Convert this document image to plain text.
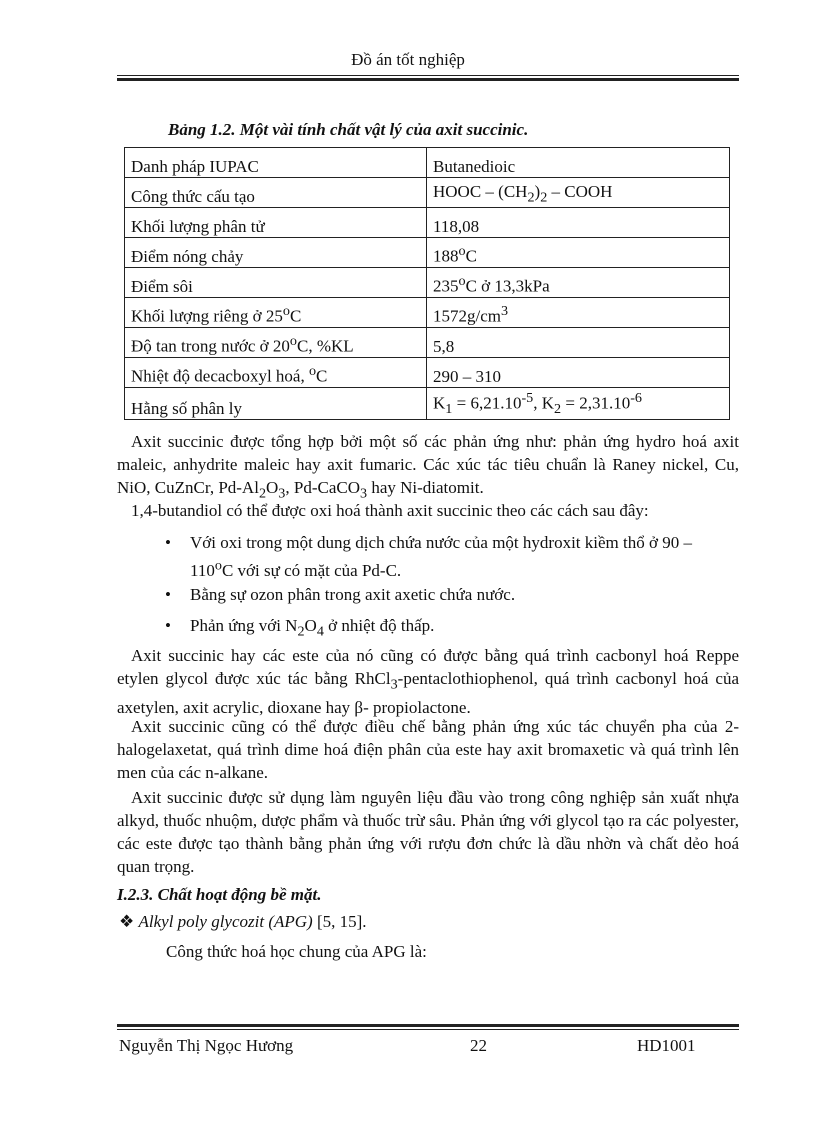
Đồ án tốt nghiệp
Bảng 1.2. Một vài tính chất vật lý của axit succinic.
Danh pháp IUPAC	Butanedioic
Công thức cấu tạo	HOOC – $(CH_2)_2$ – COOH
Khối lượng phân tử	118,08
Điểm nóng chảy	188$^o$C
Điểm sôi	235$^o$C ở 13,3kPa
Khối lượng riêng ở 25$^o$C	$1572g/cm^3$
Độ tan trong nước ở 20$^o$C, %KL	5,8
Nhiệt độ decacboxyl hoá, $^o$C	290 – 310
Hằng số phân ly	$K_1 = 6,21.10^{-5}$, $K_2 = 2,31.10^{-6}$

Axit succinic được tổng hợp bởi một số các phản ứng như: phản ứng hydro hoá axit maleic, anhydrite maleic hay axit fumaric. Các xúc tác tiêu chuẩn là Raney nickel, Cu, NiO, CuZnCr, $Pd-Al_2O_3$, Pd-CaCO$_3$ hay Ni-diatomit.

1,4-butandiol có thể được oxi hoá thành axit succinic theo các cách sau đây:

• Với oxi trong một dung dịch chứa nước của một hydroxit kiềm thổ ở 90 – 110$^o$C với sự có mặt của Pd-C.

• Bằng sự ozon phân trong axit axetic chứa nước.

• Phản ứng với $N_2O_4$ ở nhiệt độ thấp.

Axit succinic hay các este của nó cũng có được bằng quá trình cacbonyl hoá Reppe etylen glycol được xúc tác bằng RhCl$_3$-pentaclothiophenol, quá trình cacbonyl hoá của axetylen, axit acrylic, dioxane hay β- propiolactone.

Axit succinic cũng có thể được điều chế bằng phản ứng xúc tác chuyển pha của 2-halogelaxetat, quá trình dime hoá điện phân của este hay axit bromaxetic và quá trình lên men của các n-alkane.

Axit succinic được sử dụng làm nguyên liệu đầu vào trong công nghiệp sản xuất nhựa alkyd, thuốc nhuộm, dược phẩm và thuốc trừ sâu. Phản ứng với glycol tạo ra các polyester, các este được tạo thành bằng phản ứng với rượu đơn chức là dầu nhờn và chất dẻo hoá quan trọng.

I.2.3. Chất hoạt động bề mặt.
❖ Alkyl poly glycozit (APG) [5, 15].
Công thức hoá học chung của APG là:
Nguyễn Thị Ngọc Hương	22	HD1001
